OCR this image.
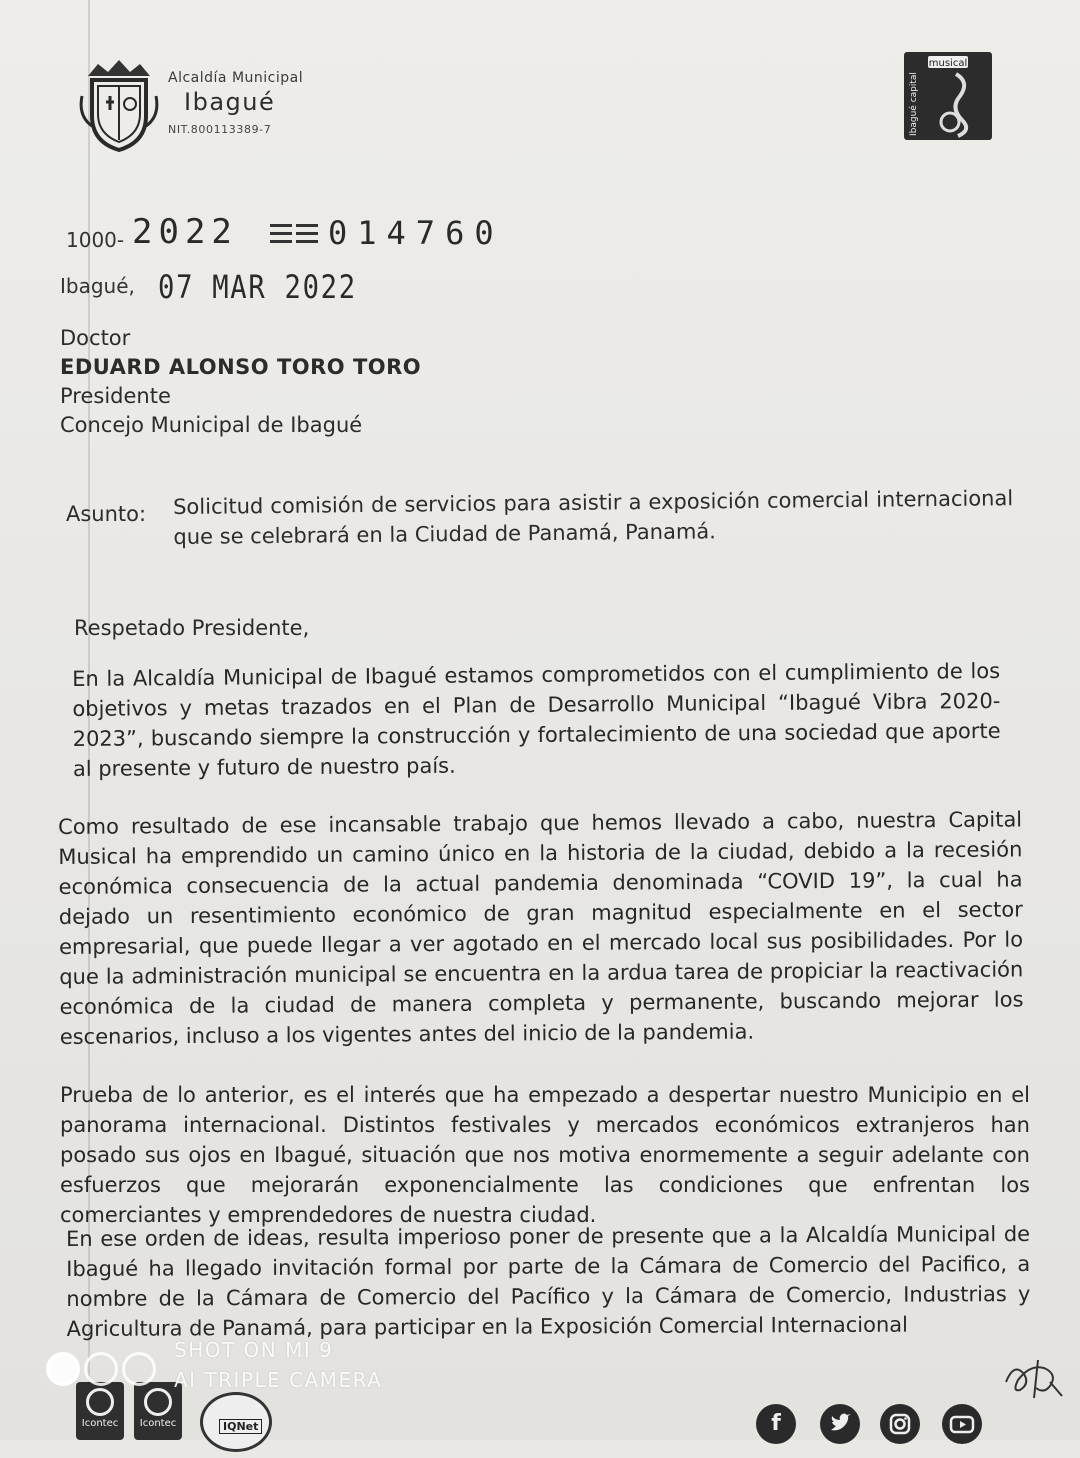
Alcaldía Municipal
Ibagué
NIT.800113389-7
musical
Ibagué capital
1000- 2022	014760
Ibagué, 07 MAR 2022
Doctor
EDUARD ALONSO TORO TORO
Presidente
Concejo Municipal de Ibagué
Asunto: Solicitud comisión de servicios para asistir a exposición comercial internacional que se celebrará en la Ciudad de Panamá, Panamá.
Respetado Presidente,
En la Alcaldía Municipal de Ibagué estamos comprometidos con el cumplimiento de los objetivos y metas trazados en el Plan de Desarrollo Municipal “Ibagué Vibra 2020-2023”, buscando siempre la construcción y fortalecimiento de una sociedad que aporte al presente y futuro de nuestro país.
Como resultado de ese incansable trabajo que hemos llevado a cabo, nuestra Capital Musical ha emprendido un camino único en la historia de la ciudad, debido a la recesión económica consecuencia de la actual pandemia denominada “COVID 19”, la cual ha dejado un resentimiento económico de gran magnitud especialmente en el sector empresarial, que puede llegar a ver agotado en el mercado local sus posibilidades. Por lo que la administración municipal se encuentra en la ardua tarea de propiciar la reactivación económica de la ciudad de manera completa y permanente, buscando mejorar los escenarios, incluso a los vigentes antes del inicio de la pandemia.
Prueba de lo anterior, es el interés que ha empezado a despertar nuestro Municipio en el panorama internacional. Distintos festivales y mercados económicos extranjeros han posado sus ojos en Ibagué, situación que nos motiva enormemente a seguir adelante con esfuerzos que mejorarán exponencialmente las condiciones que enfrentan los comerciantes y emprendedores de nuestra ciudad.
En ese orden de ideas, resulta imperioso poner de presente que a la Alcaldía Municipal de Ibagué ha llegado invitación formal por parte de la Cámara de Comercio del Pacifico, a nombre de la Cámara de Comercio del Pacífico y la Cámara de Comercio, Industrias y Agricultura de Panamá, para participar en la Exposición Comercial Internacional
Icontec	Icontec	IQNet	f
SHOT ON MI 9
AI TRIPLE CAMERA
